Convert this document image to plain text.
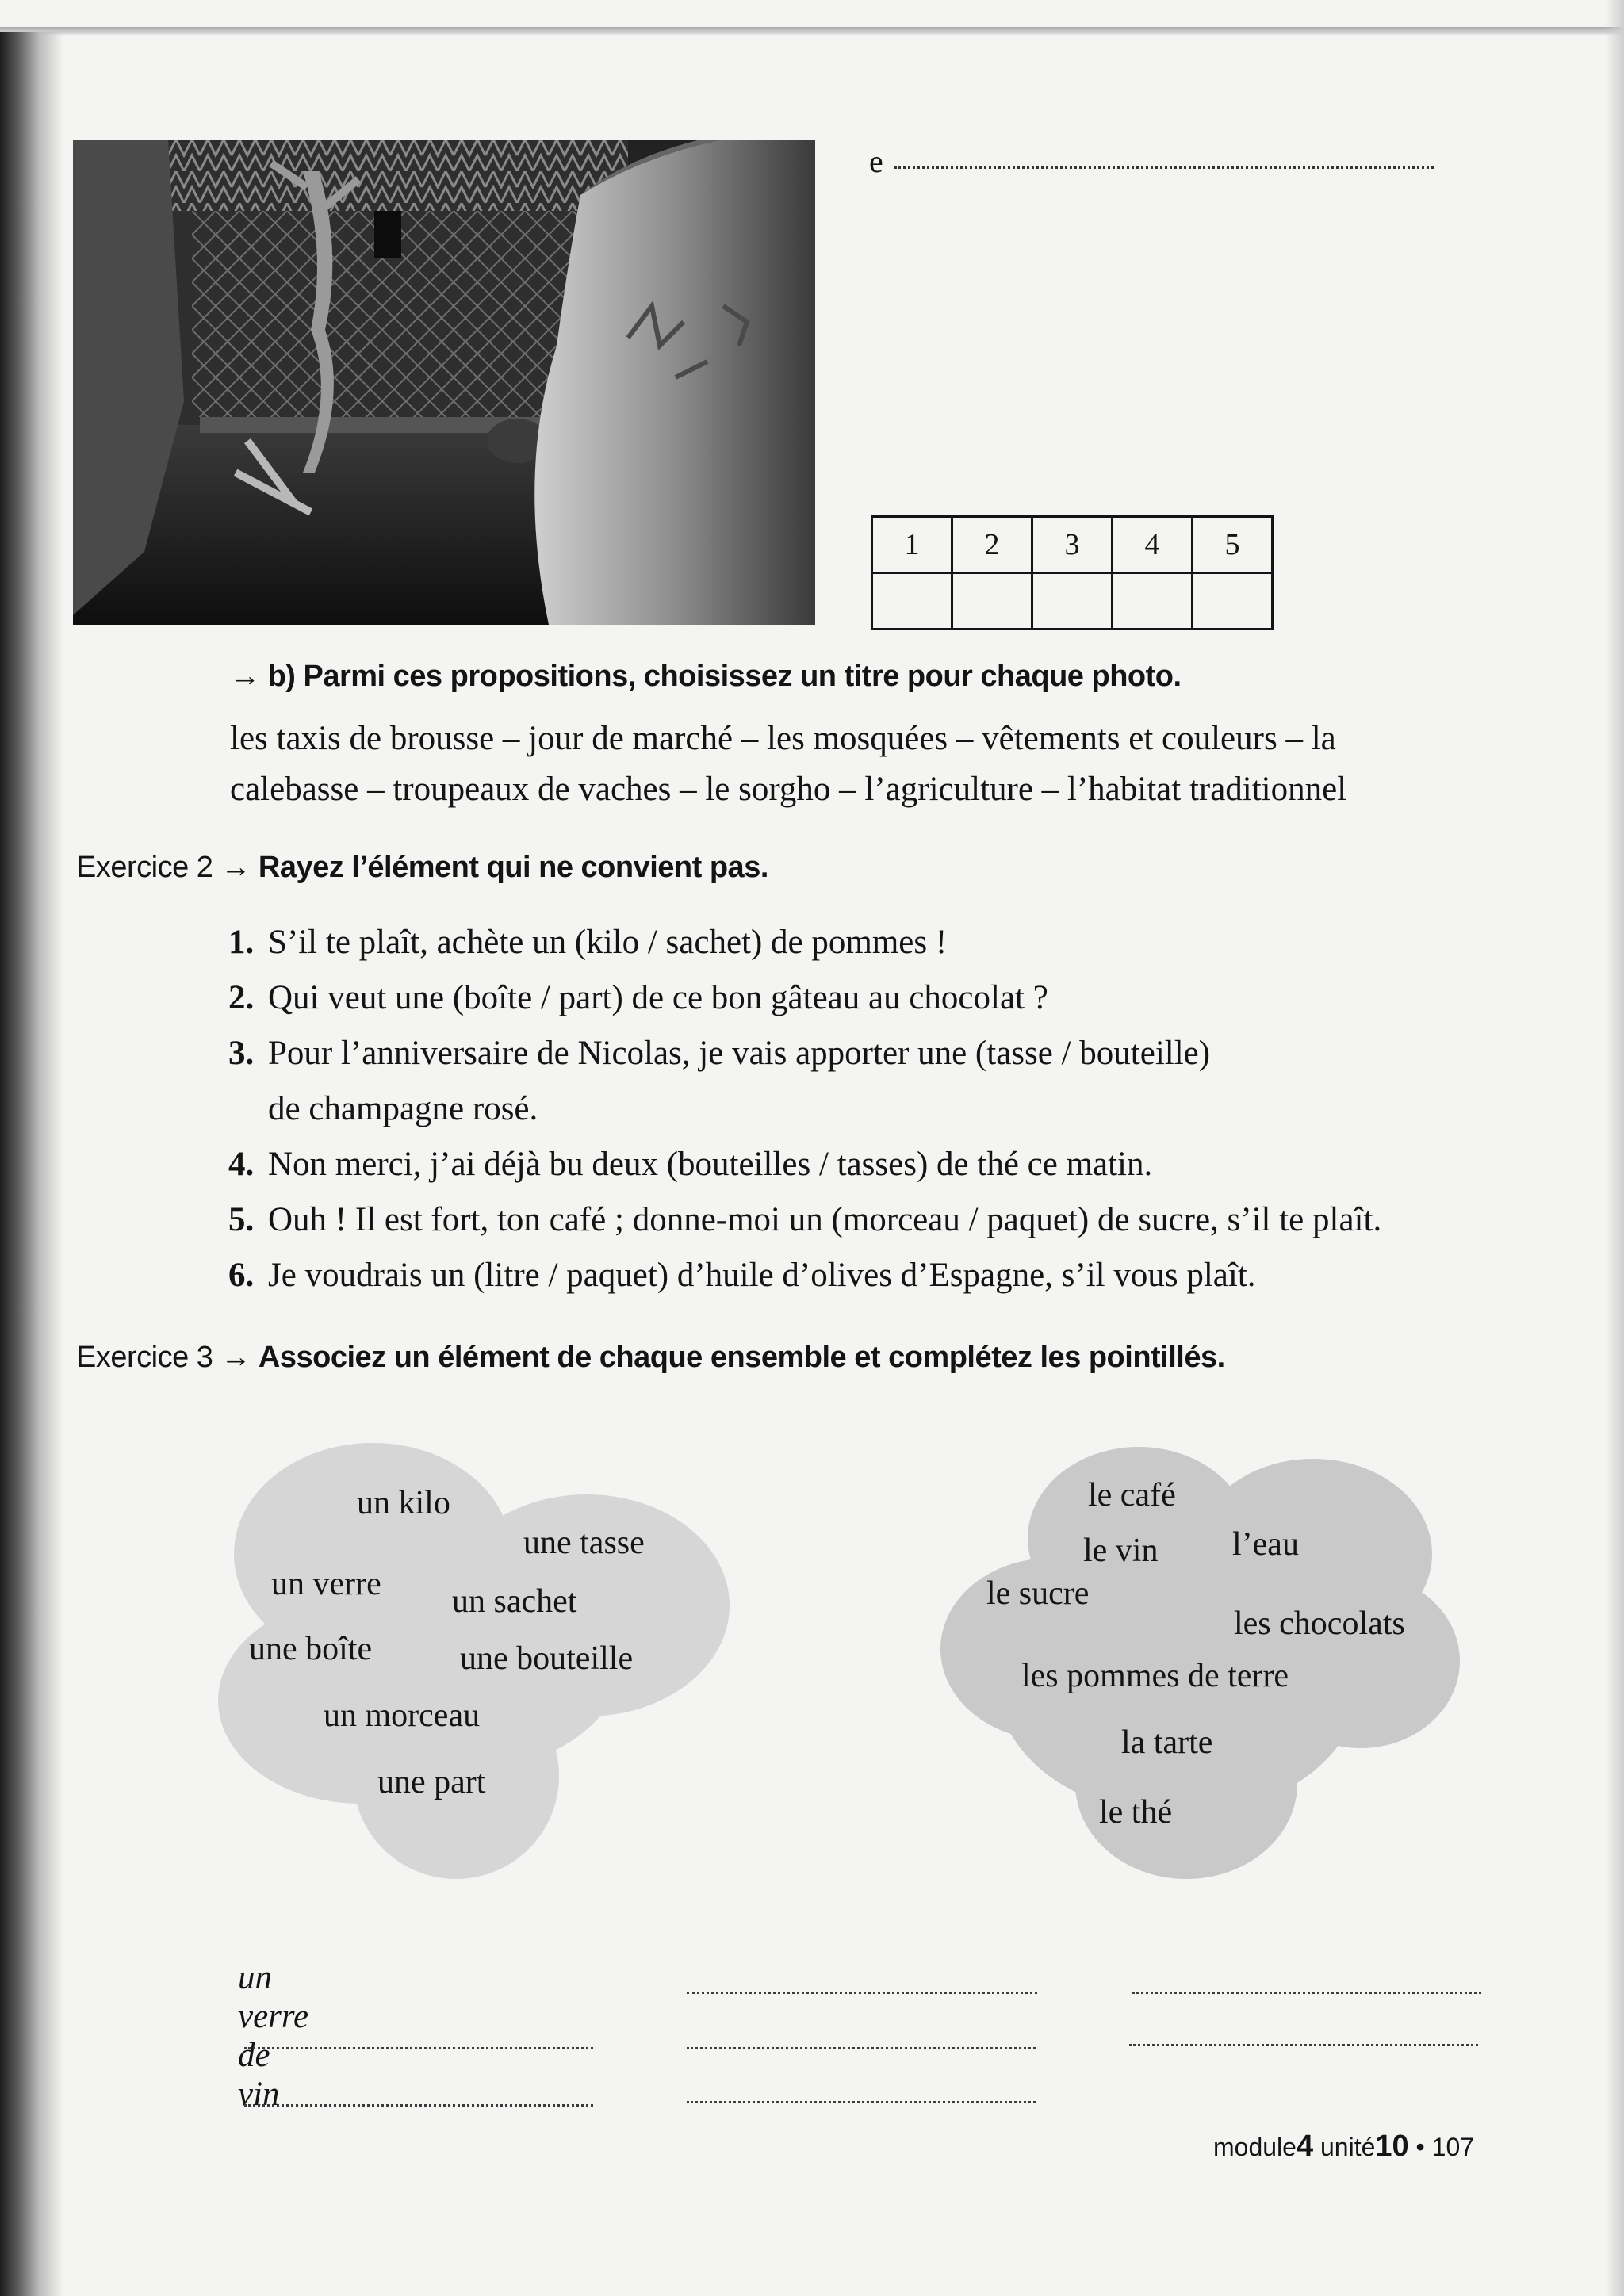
e
1	2	3	4	5

→ b) Parmi ces propositions, choisissez un titre pour chaque photo.
les taxis de brousse – jour de marché – les mosquées – vêtements et couleurs – la
calebasse – troupeaux de vaches – le sorgho – l’agriculture – l’habitat traditionnel
Exercice 2 → Rayez l’élément qui ne convient pas.
1. S’il te plaît, achète un (kilo / sachet) de pommes !
2. Qui veut une (boîte / part) de ce bon gâteau au chocolat ?
3. Pour l’anniversaire de Nicolas, je vais apporter une (tasse / bouteille)
de champagne rosé.
4. Non merci, j’ai déjà bu deux (bouteilles / tasses) de thé ce matin.
5. Ouh ! Il est fort, ton café ; donne-moi un (morceau / paquet) de sucre, s’il te plaît.
6. Je voudrais un (litre / paquet) d’huile d’olives d’Espagne, s’il vous plaît.
Exercice 3 → Associez un élément de chaque ensemble et complétez les pointillés.
un kilo
une tasse
un verre un sachet
une boîte	une bouteille
un morceau
une part
le café
le vin l’eau
le sucre
les chocolats
les pommes de terre
la tarte
le thé
un verre de vin
module4 unité10 • 107
